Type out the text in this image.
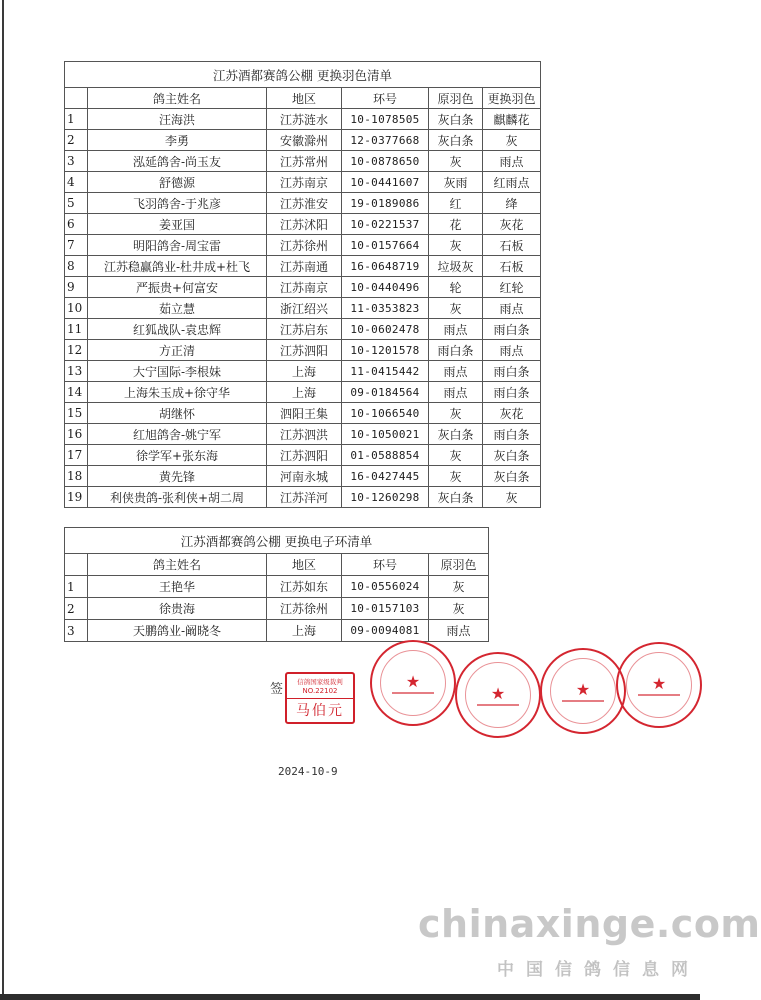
江苏酒都赛鸽公棚 更换羽色清单					
	鸽主姓名	地区	环号	原羽色	更换羽色
1	汪海洪	江苏涟水	10-1078505	灰白条	麒麟花
2	李勇	安徽滁州	12-0377668	灰白条	灰
3	泓延鸽舍-尚玉友	江苏常州	10-0878650	灰	雨点
4	舒德源	江苏南京	10-0441607	灰雨	红雨点
5	飞羽鸽舍-于兆彦	江苏淮安	19-0189086	红	绛
6	姜亚国	江苏沭阳	10-0221537	花	灰花
7	明阳鸽舍-周宝雷	江苏徐州	10-0157664	灰	石板
8	江苏稳赢鸽业-杜井成+杜飞	江苏南通	16-0648719	垃圾灰	石板
9	严振贵+何富安	江苏南京	10-0440496	轮	红轮
10	茹立慧	浙江绍兴	11-0353823	灰	雨点
11	红狐战队-袁忠辉	江苏启东	10-0602478	雨点	雨白条
12	方正清	江苏泗阳	10-1201578	雨白条	雨点
13	大宁国际-李根妹	上海	11-0415442	雨点	雨白条
14	上海朱玉成+徐守华	上海	09-0184564	雨点	雨白条
15	胡继怀	泗阳王集	10-1066540	灰	灰花
16	红旭鸽舍-姚宁军	江苏泗洪	10-1050021	灰白条	雨白条
17	徐学军+张东海	江苏泗阳	01-0588854	灰	灰白条
18	黄先锋	河南永城	16-0427445	灰	灰白条
19	利侠贵鸽-张利侠+胡二周	江苏洋河	10-1260298	灰白条	灰
江苏酒都赛鸽公棚 更换电子环清单				
	鸽主姓名	地区	环号	原羽色
1	王艳华	江苏如东	10-0556024	灰
2	徐贵海	江苏徐州	10-0157103	灰
3	天鹏鸽业-阚晓冬	上海	09-0094081	雨点
签	信鸽国家级裁判
NO.22102
马伯元
★
★	★	★
2024-10-9
chinaxinge.com
中国信鸽信息网
